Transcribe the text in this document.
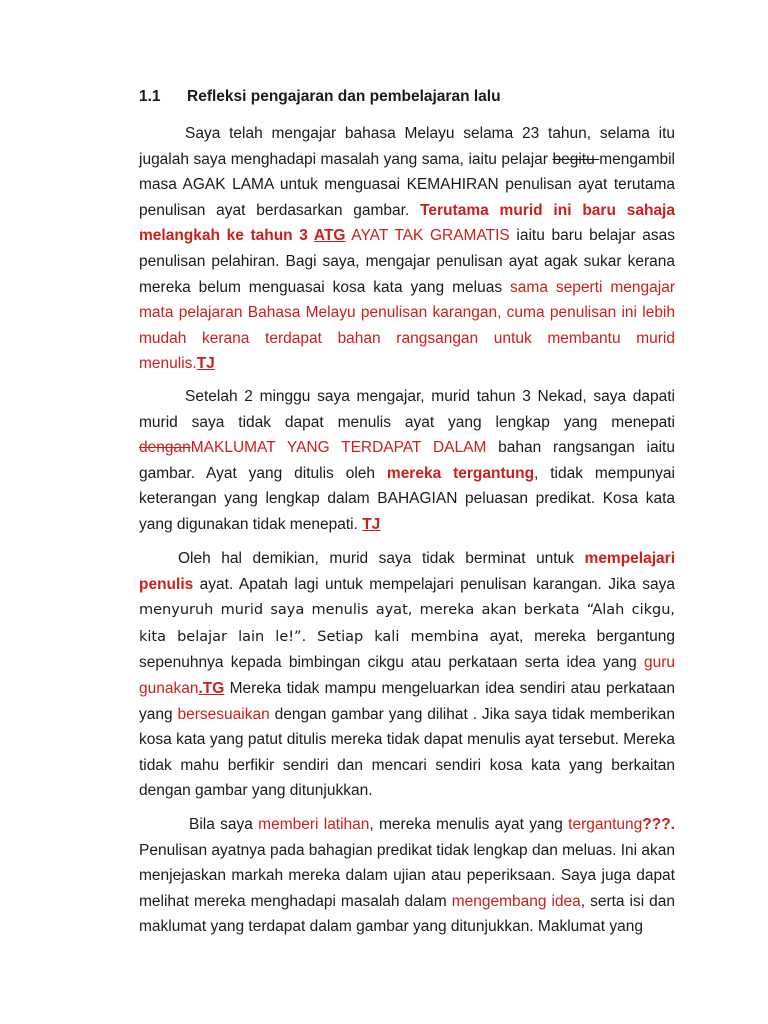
1.1 Refleksi pengajaran dan pembelajaran lalu

Saya telah mengajar bahasa Melayu selama 23 tahun, selama itu jugalah saya menghadapi masalah yang sama, iaitu pelajar begitu mengambil masa AGAK LAMA untuk menguasai KEMAHIRAN penulisan ayat terutama penulisan ayat berdasarkan gambar. Terutama murid ini baru sahaja melangkah ke tahun 3 ATG AYAT TAK GRAMATIS iaitu baru belajar asas penulisan pelahiran. Bagi saya, mengajar penulisan ayat agak sukar kerana mereka belum menguasai kosa kata yang meluas sama seperti mengajar mata pelajaran Bahasa Melayu penulisan karangan, cuma penulisan ini lebih mudah kerana terdapat bahan rangsangan untuk membantu murid menulis.TJ

Setelah 2 minggu saya mengajar, murid tahun 3 Nekad, saya dapati murid saya tidak dapat menulis ayat yang lengkap yang menepati denganMAKLUMAT YANG TERDAPAT DALAM bahan rangsangan iaitu gambar. Ayat yang ditulis oleh mereka tergantung, tidak mempunyai keterangan yang lengkap dalam BAHAGIAN peluasan predikat. Kosa kata yang digunakan tidak menepati. TJ

Oleh hal demikian, murid saya tidak berminat untuk mempelajari penulis ayat. Apatah lagi untuk mempelajari penulisan karangan. Jika saya menyuruh murid saya menulis ayat, mereka akan berkata “Alah cikgu, kita belajar lain le!”. Setiap kali membina ayat, mereka bergantung sepenuhnya kepada bimbingan cikgu atau perkataan serta idea yang guru gunakan.TG Mereka tidak mampu mengeluarkan idea sendiri atau perkataan yang bersesuaikan dengan gambar yang dilihat . Jika saya tidak memberikan kosa kata yang patut ditulis mereka tidak dapat menulis ayat tersebut. Mereka tidak mahu berfikir sendiri dan mencari sendiri kosa kata yang berkaitan dengan gambar yang ditunjukkan.

Bila saya memberi latihan, mereka menulis ayat yang tergantung???. Penulisan ayatnya pada bahagian predikat tidak lengkap dan meluas. Ini akan menjejaskan markah mereka dalam ujian atau peperiksaan. Saya juga dapat melihat mereka menghadapi masalah dalam mengembang idea, serta isi dan maklumat yang terdapat dalam gambar yang ditunjukkan. Maklumat yang
